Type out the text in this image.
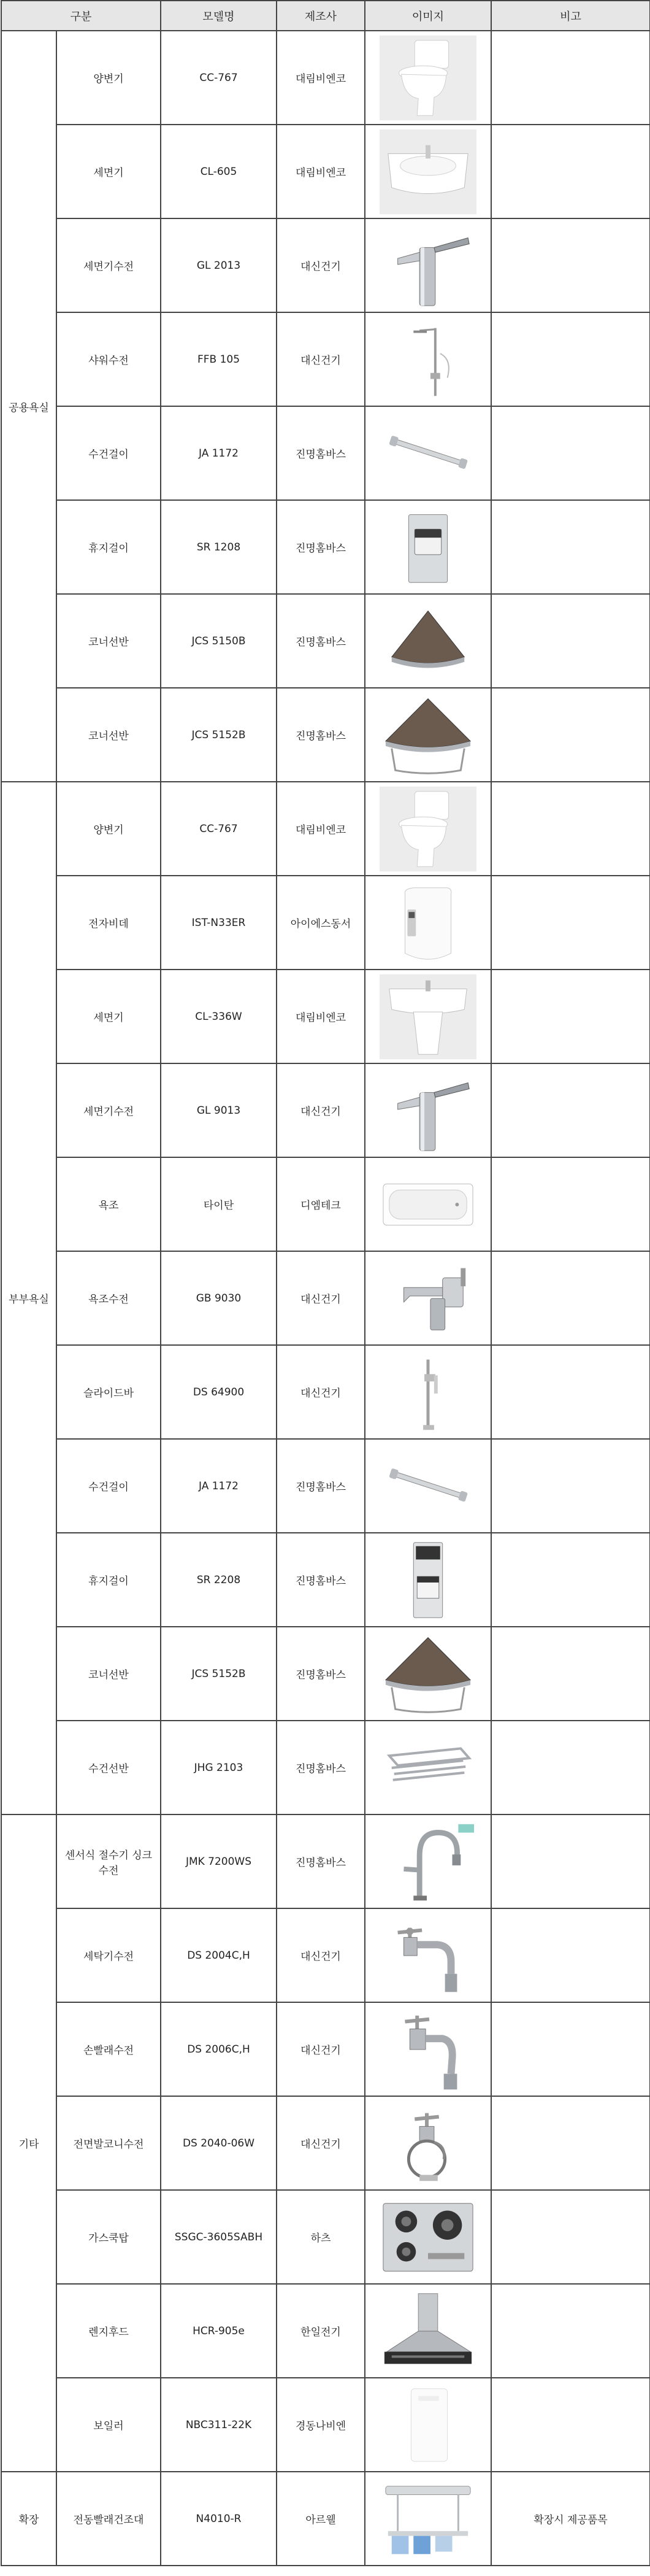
구분		모델명	제조사	이미지	비고
공용욕실	양변기	CC-767	대림비엔코	

	세면기	CL-605	대림비엔코	

	세면기수전	GL 2013	대신건기	

	샤워수전	FFB 105	대신건기	

	수건걸이	JA 1172	진명홈바스	

	휴지걸이	SR 1208	진명홈바스	

	코너선반	JCS 5150B	진명홈바스	

	코너선반	JCS 5152B	진명홈바스	

부부욕실	양변기	CC-767	대림비엔코	

	전자비데	IST-N33ER	아이에스동서	

	세면기	CL-336W	대림비엔코	

	세면기수전	GL 9013	대신건기	

	욕조	타이탄	디엠테크	

	욕조수전	GB 9030	대신건기	

	슬라이드바	DS 64900	대신건기	

	수건걸이	JA 1172	진명홈바스	

	휴지걸이	SR 2208	진명홈바스	

	코너선반	JCS 5152B	진명홈바스	

	수건선반	JHG 2103	진명홈바스	

기타	센서식 절수기 싱크수전	JMK 7200WS	진명홈바스	

	세탁기수전	DS 2004C,H	대신건기	

	손빨래수전	DS 2006C,H	대신건기	

	전면발코니수전	DS 2040-06W	대신건기	

	가스쿡탑	SSGC-3605SABH	하츠	

	렌지후드	HCR-905e	한일전기	

	보일러	NBC311-22K	경동나비엔	

확장	전동빨래건조대	N4010-R	아르웰		확장시 제공품목
